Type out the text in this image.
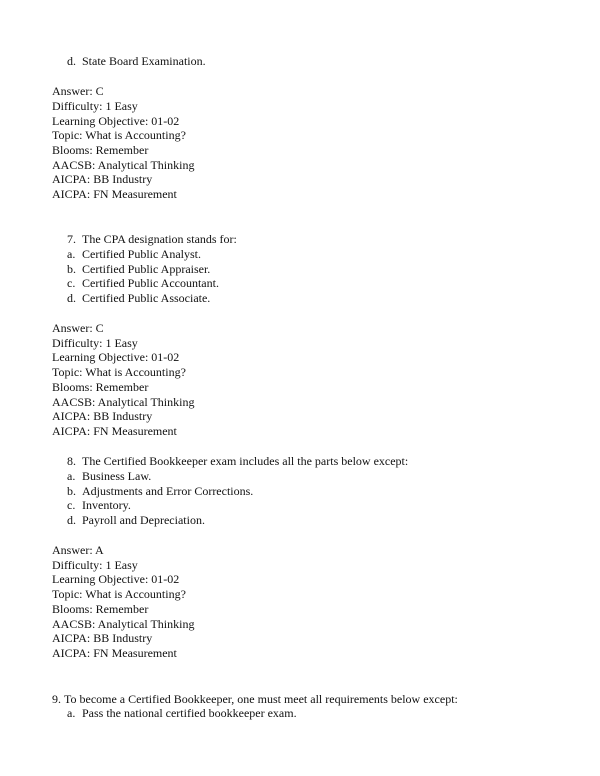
d. State Board Examination.
Answer: C
Difficulty: 1 Easy
Learning Objective: 01-02
Topic: What is Accounting?
Blooms: Remember
AACSB: Analytical Thinking
AICPA: BB Industry
AICPA: FN Measurement
7. The CPA designation stands for:
a. Certified Public Analyst.
b. Certified Public Appraiser.
c. Certified Public Accountant.
d. Certified Public Associate.
Answer: C
Difficulty: 1 Easy
Learning Objective: 01-02
Topic: What is Accounting?
Blooms: Remember
AACSB: Analytical Thinking
AICPA: BB Industry
AICPA: FN Measurement
8. The Certified Bookkeeper exam includes all the parts below except:
a. Business Law.
b. Adjustments and Error Corrections.
c. Inventory.
d. Payroll and Depreciation.
Answer: A
Difficulty: 1 Easy
Learning Objective: 01-02
Topic: What is Accounting?
Blooms: Remember
AACSB: Analytical Thinking
AICPA: BB Industry
AICPA: FN Measurement
9. To become a Certified Bookkeeper, one must meet all requirements below except:
a. Pass the national certified bookkeeper exam.
